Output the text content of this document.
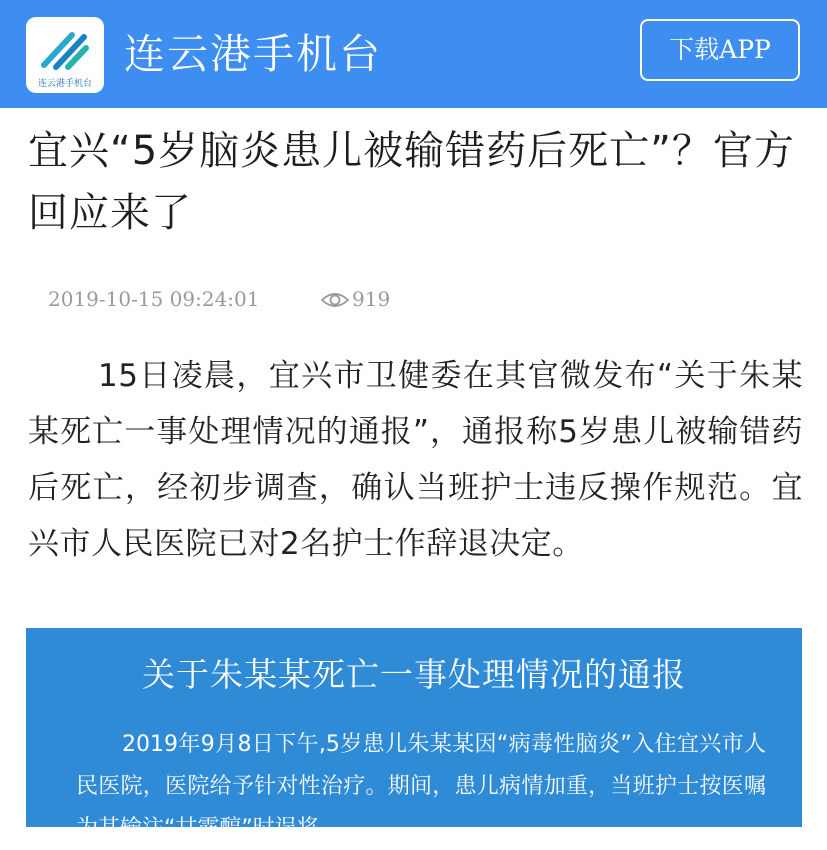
连云港手机台
连云港手机台	下载APP
宜兴“5岁脑炎患儿被输错药后死亡”？官方回应来了
2019-10-15 09:24:01	919

15日凌晨，宜兴市卫健委在其官微发布“关于朱某某死亡一事处理情况的通报”，通报称5岁患儿被输错药后死亡，经初步调查，确认当班护士违反操作规范。宜兴市人民医院已对2名护士作辞退决定。

关于朱某某死亡一事处理情况的通报

2019年9月8日下午,5岁患儿朱某某因“病毒性脑炎”入住宜兴市人民医院，医院给予针对性治疗。期间，患儿病情加重，当班护士按医嘱为其输注“甘露醇”时误将
